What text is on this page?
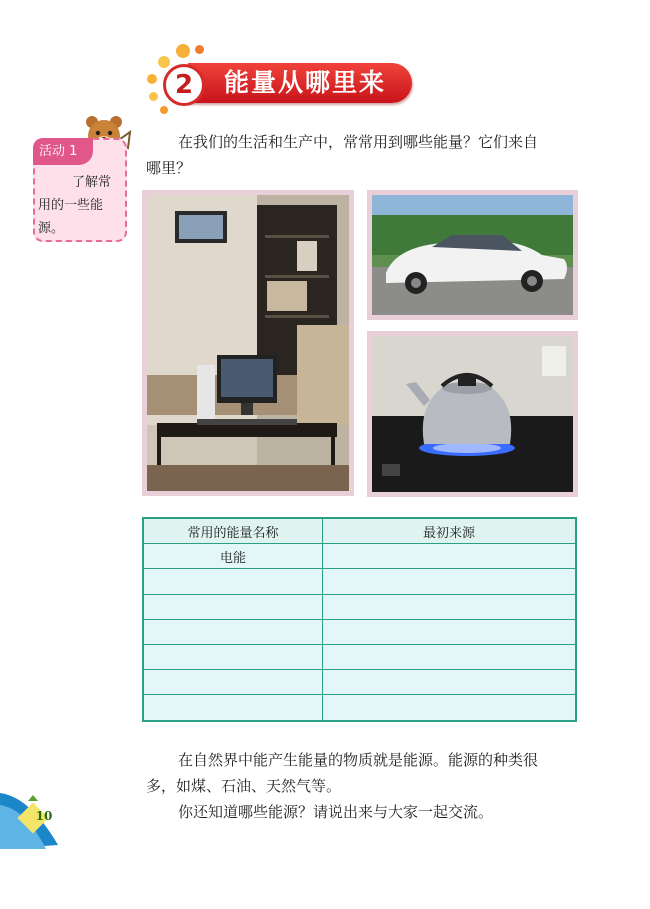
2	能量从哪里来
活动 1
了解常
用的一些能
源。
在我们的生活和生产中，常常用到哪些能量？它们来自
哪里？
常用的能量名称	最初来源
电能	

在自然界中能产生能量的物质就是能源。能源的种类很
多，如煤、石油、天然气等。
你还知道哪些能源？请说出来与大家一起交流。
10
